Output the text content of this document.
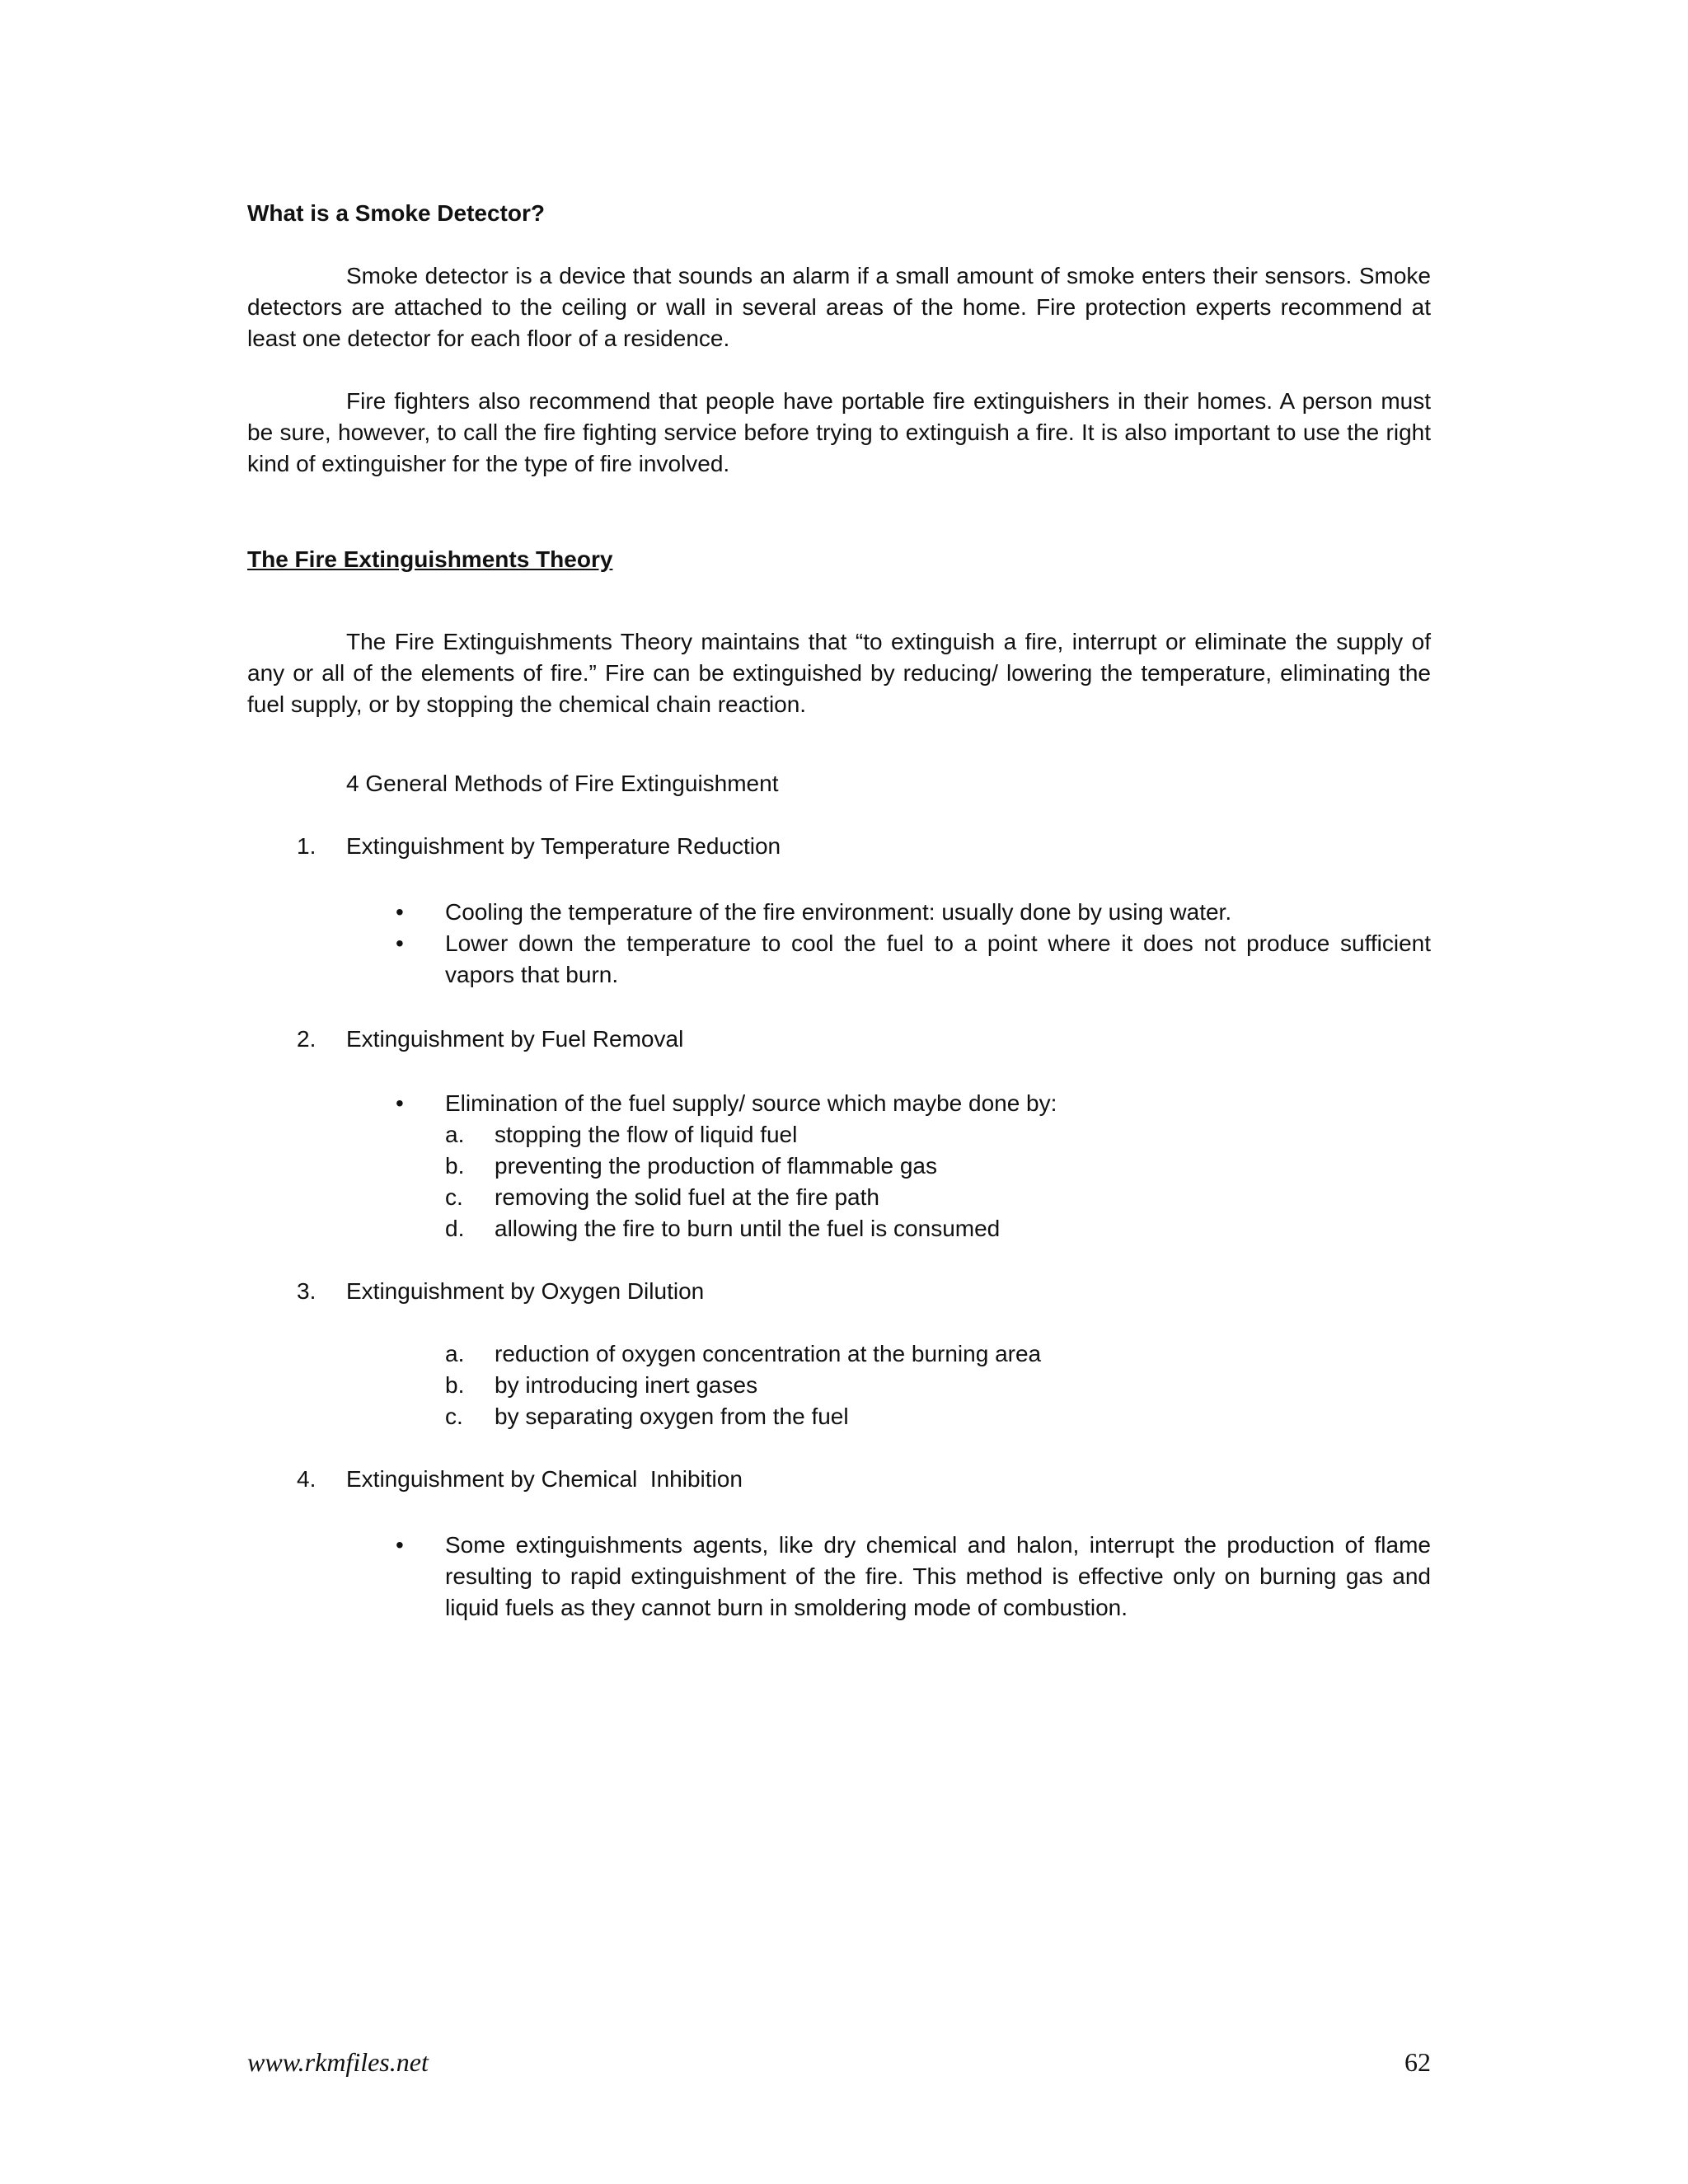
What is a Smoke Detector?
Smoke detector is a device that sounds an alarm if a small amount of smoke enters their sensors. Smoke detectors are attached to the ceiling or wall in several areas of the home. Fire protection experts recommend at least one detector for each floor of a residence.
Fire fighters also recommend that people have portable fire extinguishers in their homes. A person must be sure, however, to call the fire fighting service before trying to extinguish a fire. It is also important to use the right kind of extinguisher for the type of fire involved.
The Fire Extinguishments Theory
The Fire Extinguishments Theory maintains that “to extinguish a fire, interrupt or eliminate the supply of any or all of the elements of fire.” Fire can be extinguished by reducing/ lowering the temperature, eliminating the fuel supply, or by stopping the chemical chain reaction.
4 General Methods of Fire Extinguishment
1.	Extinguishment by Temperature Reduction
• Cooling the temperature of the fire environment: usually done by using water.
• Lower down the temperature to cool the fuel to a point where it does not produce sufficient vapors that burn.
2.	Extinguishment by Fuel Removal
• Elimination of the fuel supply/ source which maybe done by:
a. stopping the flow of liquid fuel
b. preventing the production of flammable gas
c. removing the solid fuel at the fire path
d. allowing the fire to burn until the fuel is consumed
3.	Extinguishment by Oxygen Dilution
a. reduction of oxygen concentration at the burning area
b. by introducing inert gases
c. by separating oxygen from the fuel
4.	Extinguishment by Chemical  Inhibition
• Some extinguishments agents, like dry chemical and halon, interrupt the production of flame resulting to rapid extinguishment of the fire. This method is effective only on burning gas and liquid fuels as they cannot burn in smoldering mode of combustion.
www.rkmfiles.net	62
